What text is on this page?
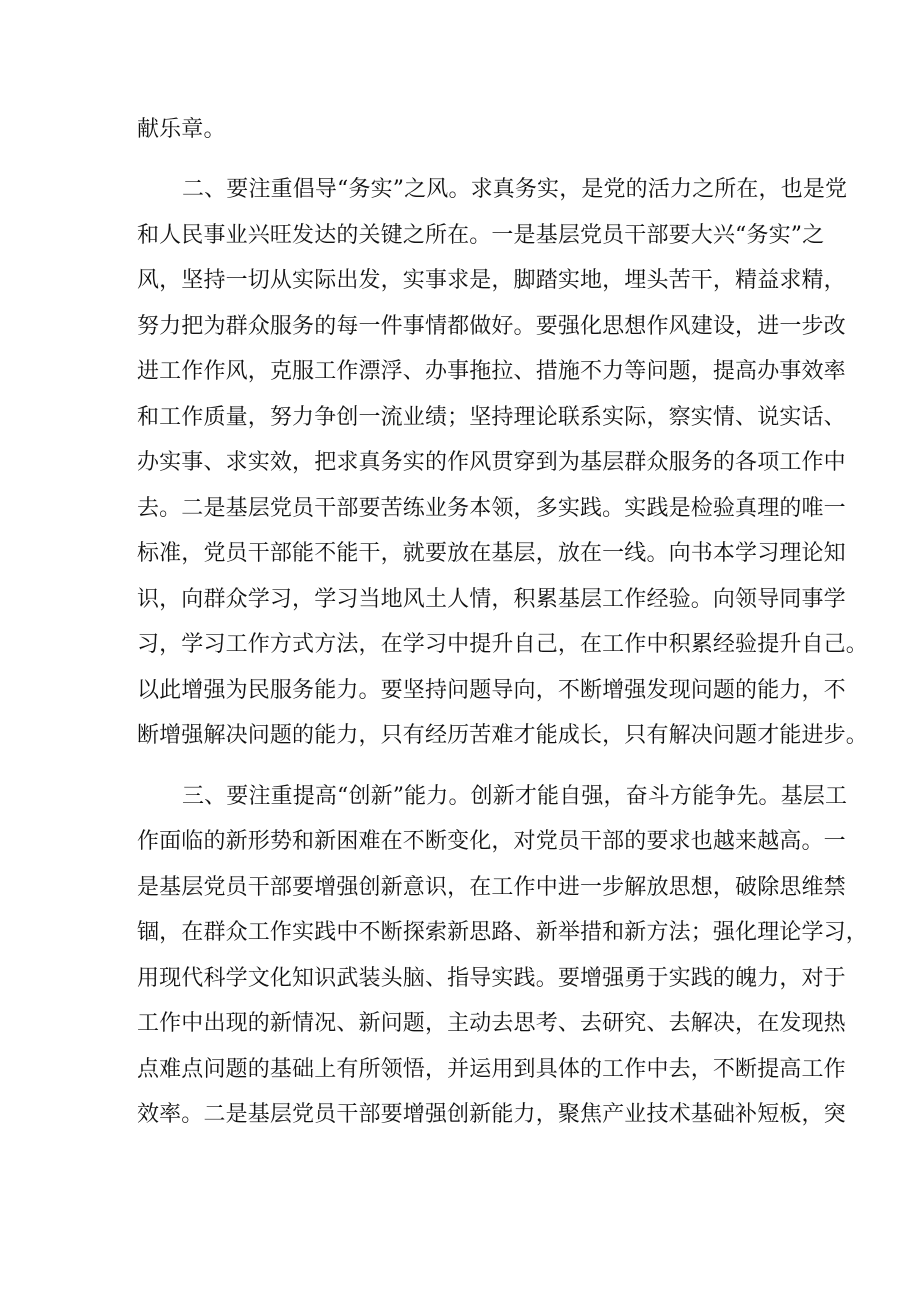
献乐章。
二、要注重倡导“务实”之风。求真务实，是党的活力之所在，也是党
和人民事业兴旺发达的关键之所在。一是基层党员干部要大兴“务实”之
风，坚持一切从实际出发，实事求是，脚踏实地，埋头苦干，精益求精，
努力把为群众服务的每一件事情都做好。要强化思想作风建设，进一步改
进工作作风，克服工作漂浮、办事拖拉、措施不力等问题，提高办事效率
和工作质量，努力争创一流业绩；坚持理论联系实际，察实情、说实话、
办实事、求实效，把求真务实的作风贯穿到为基层群众服务的各项工作中
去。二是基层党员干部要苦练业务本领，多实践。实践是检验真理的唯一
标准，党员干部能不能干，就要放在基层，放在一线。向书本学习理论知
识，向群众学习，学习当地风土人情，积累基层工作经验。向领导同事学
习，学习工作方式方法，在学习中提升自己，在工作中积累经验提升自己。
以此增强为民服务能力。要坚持问题导向，不断增强发现问题的能力，不
断增强解决问题的能力，只有经历苦难才能成长，只有解决问题才能进步。
三、要注重提高“创新”能力。创新才能自强，奋斗方能争先。基层工
作面临的新形势和新困难在不断变化，对党员干部的要求也越来越高。一
是基层党员干部要增强创新意识，在工作中进一步解放思想，破除思维禁
锢，在群众工作实践中不断探索新思路、新举措和新方法；强化理论学习，
用现代科学文化知识武装头脑、指导实践。要增强勇于实践的魄力，对于
工作中出现的新情况、新问题，主动去思考、去研究、去解决，在发现热
点难点问题的基础上有所领悟，并运用到具体的工作中去，不断提高工作
效率。二是基层党员干部要增强创新能力，聚焦产业技术基础补短板，突
